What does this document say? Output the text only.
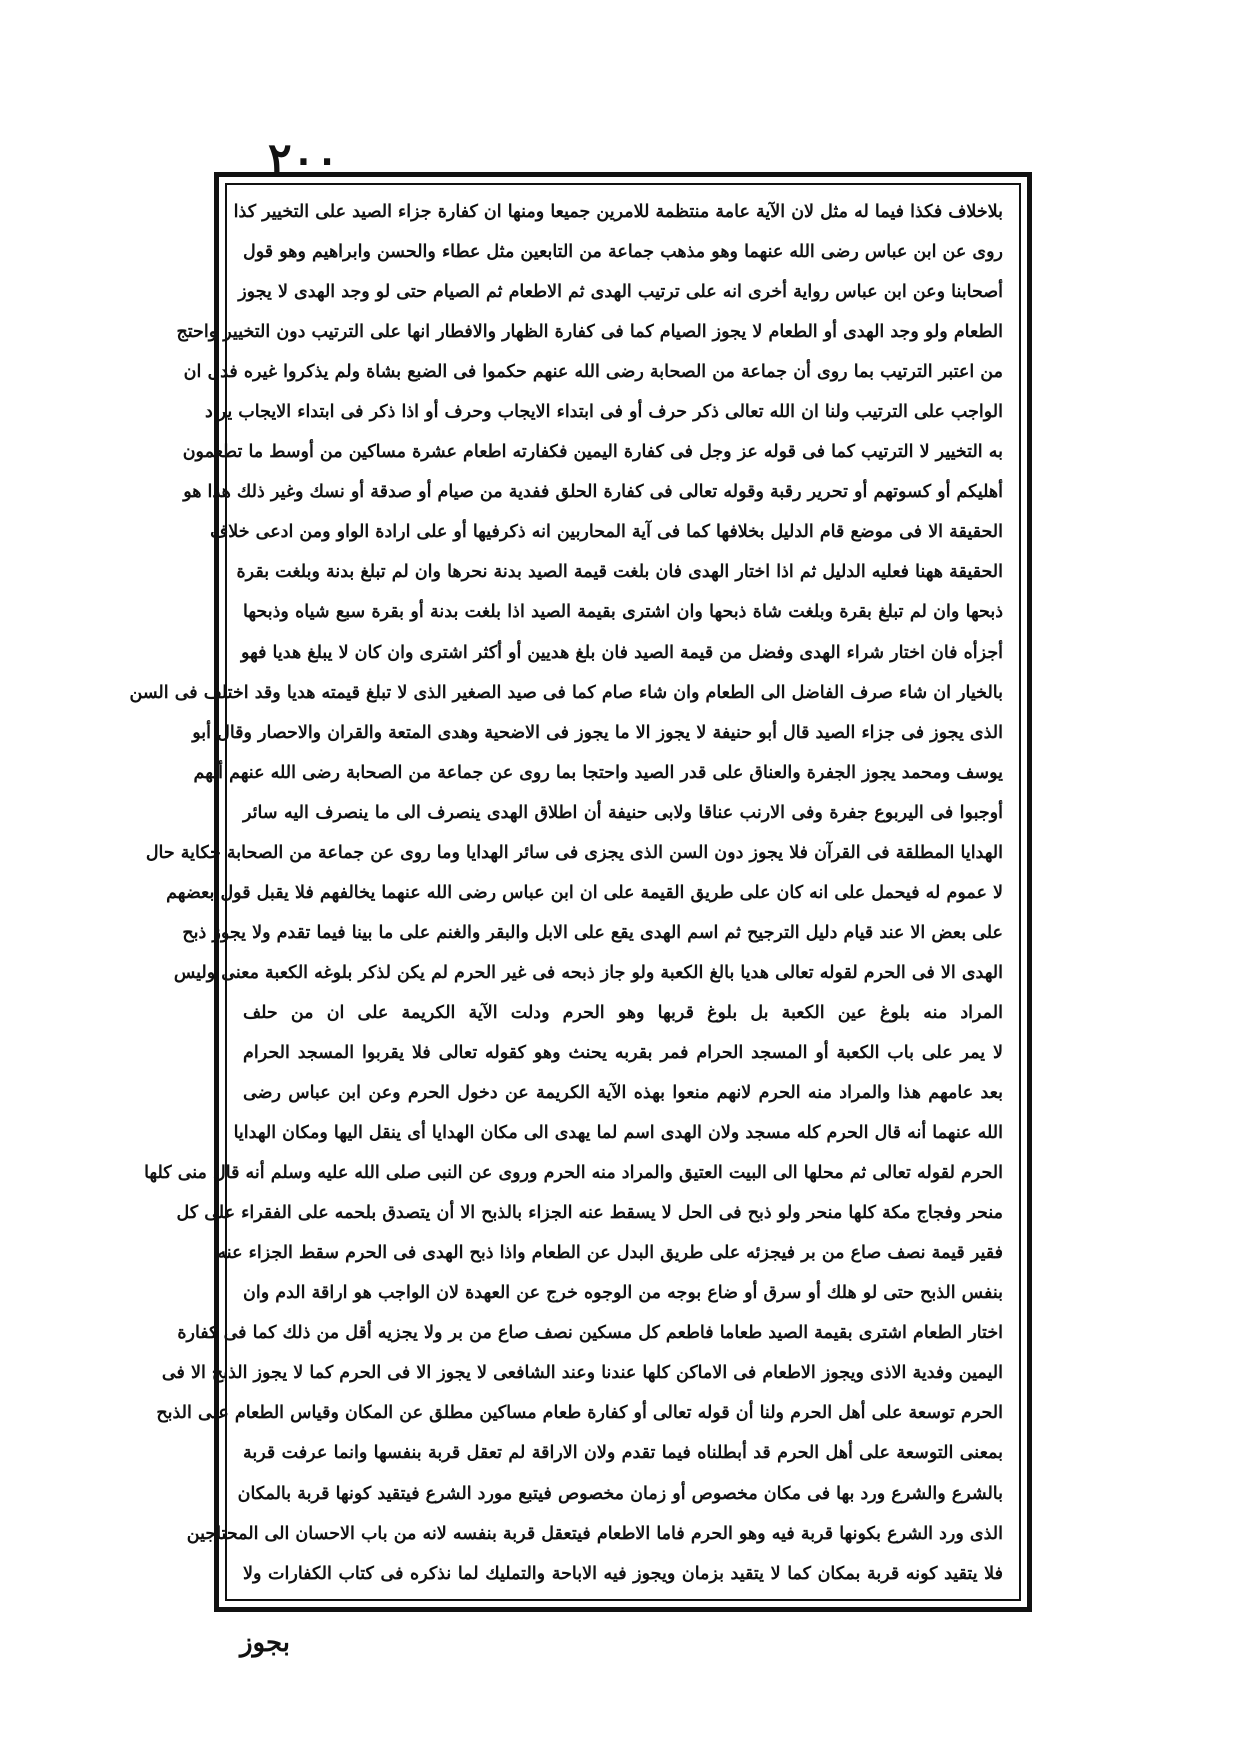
٢٠٠
بلاخلاف فكذا فيما له مثل لان الآية عامة منتظمة للامرين جميعا ومنها ان كفارة جزاء الصيد على التخيير كذا
روى عن ابن عباس رضى الله عنهما وهو مذهب جماعة من التابعين مثل عطاء والحسن وابراهيم وهو قول
أصحابنا وعن ابن عباس رواية أخرى انه على ترتيب الهدى ثم الاطعام ثم الصيام حتى لو وجد الهدى لا يجوز
الطعام ولو وجد الهدى أو الطعام لا يجوز الصيام كما فى كفارة الظهار والافطار انها على الترتيب دون التخيير واحتج
من اعتبر الترتيب بما روى أن جماعة من الصحابة رضى الله عنهم حكموا فى الضبع بشاة ولم يذكروا غيره فدل ان
الواجب على الترتيب ولنا ان الله تعالى ذكر حرف أو فى ابتداء الايجاب وحرف أو اذا ذكر فى ابتداء الايجاب يراد
به التخيير لا الترتيب كما فى قوله عز وجل فى كفارة اليمين فكفارته اطعام عشرة مساكين من أوسط ما تطعمون
أهليكم أو كسوتهم أو تحرير رقبة وقوله تعالى فى كفارة الحلق ففدية من صيام أو صدقة أو نسك وغير ذلك هذا هو
الحقيقة الا فى موضع قام الدليل بخلافها كما فى آية المحاربين انه ذكرفيها أو على ارادة الواو ومن ادعى خلاف
الحقيقة ههنا فعليه الدليل ثم اذا اختار الهدى فان بلغت قيمة الصيد بدنة نحرها وان لم تبلغ بدنة وبلغت بقرة
ذبحها وان لم تبلغ بقرة وبلغت شاة ذبحها وان اشترى بقيمة الصيد اذا بلغت بدنة أو بقرة سبع شياه وذبحها
أجزأه فان اختار شراء الهدى وفضل من قيمة الصيد فان بلغ هديين أو أكثر اشترى وان كان لا يبلغ هديا فهو
بالخيار ان شاء صرف الفاضل الى الطعام وان شاء صام كما فى صيد الصغير الذى لا تبلغ قيمته هديا وقد اختلف فى السن
الذى يجوز فى جزاء الصيد قال أبو حنيفة لا يجوز الا ما يجوز فى الاضحية وهدى المتعة والقران والاحصار وقال أبو
يوسف ومحمد يجوز الجفرة والعناق على قدر الصيد واحتجا بما روى عن جماعة من الصحابة رضى الله عنهم أنهم
أوجبوا فى اليربوع جفرة وفى الارنب عناقا ولابى حنيفة أن اطلاق الهدى ينصرف الى ما ينصرف اليه سائر
الهدايا المطلقة فى القرآن فلا يجوز دون السن الذى يجزى فى سائر الهدايا وما روى عن جماعة من الصحابة حكاية حال
لا عموم له فيحمل على انه كان على طريق القيمة على ان ابن عباس رضى الله عنهما يخالفهم فلا يقبل قول بعضهم
على بعض الا عند قيام دليل الترجيح ثم اسم الهدى يقع على الابل والبقر والغنم على ما بينا فيما تقدم ولا يجوز ذبح
الهدى الا فى الحرم لقوله تعالى هديا بالغ الكعبة ولو جاز ذبحه فى غير الحرم لم يكن لذكر بلوغه الكعبة معنى وليس
المراد منه بلوغ عين الكعبة بل بلوغ قربها وهو الحرم ودلت الآية الكريمة على ان من حلف
لا يمر على باب الكعبة أو المسجد الحرام فمر بقربه يحنث وهو كقوله تعالى فلا يقربوا المسجد الحرام
بعد عامهم هذا والمراد منه الحرم لانهم منعوا بهذه الآية الكريمة عن دخول الحرم وعن ابن عباس رضى
الله عنهما أنه قال الحرم كله مسجد ولان الهدى اسم لما يهدى الى مكان الهدايا أى ينقل اليها ومكان الهدايا
الحرم لقوله تعالى ثم محلها الى البيت العتيق والمراد منه الحرم وروى عن النبى صلى الله عليه وسلم أنه قال منى كلها
منحر وفجاج مكة كلها منحر ولو ذبح فى الحل لا يسقط عنه الجزاء بالذبح الا أن يتصدق بلحمه على الفقراء على كل
فقير قيمة نصف صاع من بر فيجزئه على طريق البدل عن الطعام واذا ذبح الهدى فى الحرم سقط الجزاء عنه
بنفس الذبح حتى لو هلك أو سرق أو ضاع بوجه من الوجوه خرج عن العهدة لان الواجب هو اراقة الدم وان
اختار الطعام اشترى بقيمة الصيد طعاما فاطعم كل مسكين نصف صاع من بر ولا يجزيه أقل من ذلك كما فى كفارة
اليمين وفدية الاذى ويجوز الاطعام فى الاماكن كلها عندنا وعند الشافعى لا يجوز الا فى الحرم كما لا يجوز الذبح الا فى
الحرم توسعة على أهل الحرم ولنا أن قوله تعالى أو كفارة طعام مساكين مطلق عن المكان وقياس الطعام على الذبح
بمعنى التوسعة على أهل الحرم قد أبطلناه فيما تقدم ولان الاراقة لم تعقل قربة بنفسها وانما عرفت قربة
بالشرع والشرع ورد بها فى مكان مخصوص أو زمان مخصوص فيتبع مورد الشرع فيتقيد كونها قربة بالمكان
الذى ورد الشرع بكونها قربة فيه وهو الحرم فاما الاطعام فيتعقل قربة بنفسه لانه من باب الاحسان الى المحتاجين
فلا يتقيد كونه قربة بمكان كما لا يتقيد بزمان ويجوز فيه الاباحة والتمليك لما نذكره فى كتاب الكفارات ولا
بجوز
